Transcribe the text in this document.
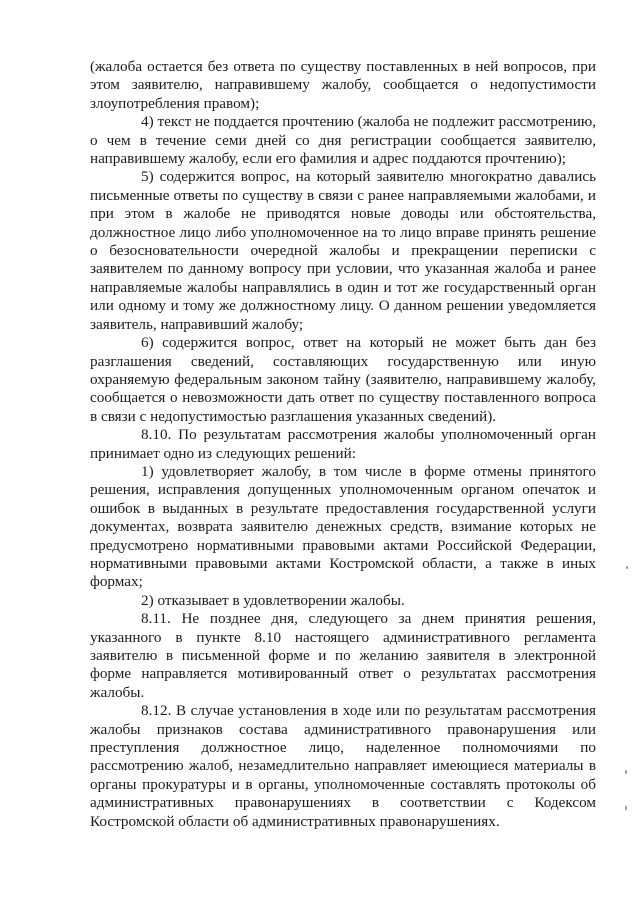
(жалоба остается без ответа по существу поставленных в ней вопросов, при этом заявителю, направившему жалобу, сообщается о недопустимости злоупотребления правом);

4) текст не поддается прочтению (жалоба не подлежит рассмотрению, о чем в течение семи дней со дня регистрации сообщается заявителю, направившему жалобу, если его фамилия и адрес поддаются прочтению);

5) содержится вопрос, на который заявителю многократно давались письменные ответы по существу в связи с ранее направляемыми жалобами, и при этом в жалобе не приводятся новые доводы или обстоятельства, должностное лицо либо уполномоченное на то лицо вправе принять решение о безосновательности очередной жалобы и прекращении переписки с заявителем по данному вопросу при условии, что указанная жалоба и ранее направляемые жалобы направлялись в один и тот же государственный орган или одному и тому же должностному лицу. О данном решении уведомляется заявитель, направивший жалобу;

6) содержится вопрос, ответ на который не может быть дан без разглашения сведений, составляющих государственную или иную охраняемую федеральным законом тайну (заявителю, направившему жалобу, сообщается о невозможности дать ответ по существу поставленного вопроса в связи с недопустимостью разглашения указанных сведений).

8.10. По результатам рассмотрения жалобы уполномоченный орган принимает одно из следующих решений:

1) удовлетворяет жалобу, в том числе в форме отмены принятого решения, исправления допущенных уполномоченным органом опечаток и ошибок в выданных в результате предоставления государственной услуги документах, возврата заявителю денежных средств, взимание которых не предусмотрено нормативными правовыми актами Российской Федерации, нормативными правовыми актами Костромской области, а также в иных формах;

2) отказывает в удовлетворении жалобы.

8.11. Не позднее дня, следующего за днем принятия решения, указанного в пункте 8.10 настоящего административного регламента заявителю в письменной форме и по желанию заявителя в электронной форме направляется мотивированный ответ о результатах рассмотрения жалобы.

8.12. В случае установления в ходе или по результатам рассмотрения жалобы признаков состава административного правонарушения или преступления должностное лицо, наделенное полномочиями по рассмотрению жалоб, незамедлительно направляет имеющиеся материалы в органы прокуратуры и в органы, уполномоченные составлять протоколы об административных правонарушениях в соответствии с Кодексом Костромской области об административных правонарушениях.
